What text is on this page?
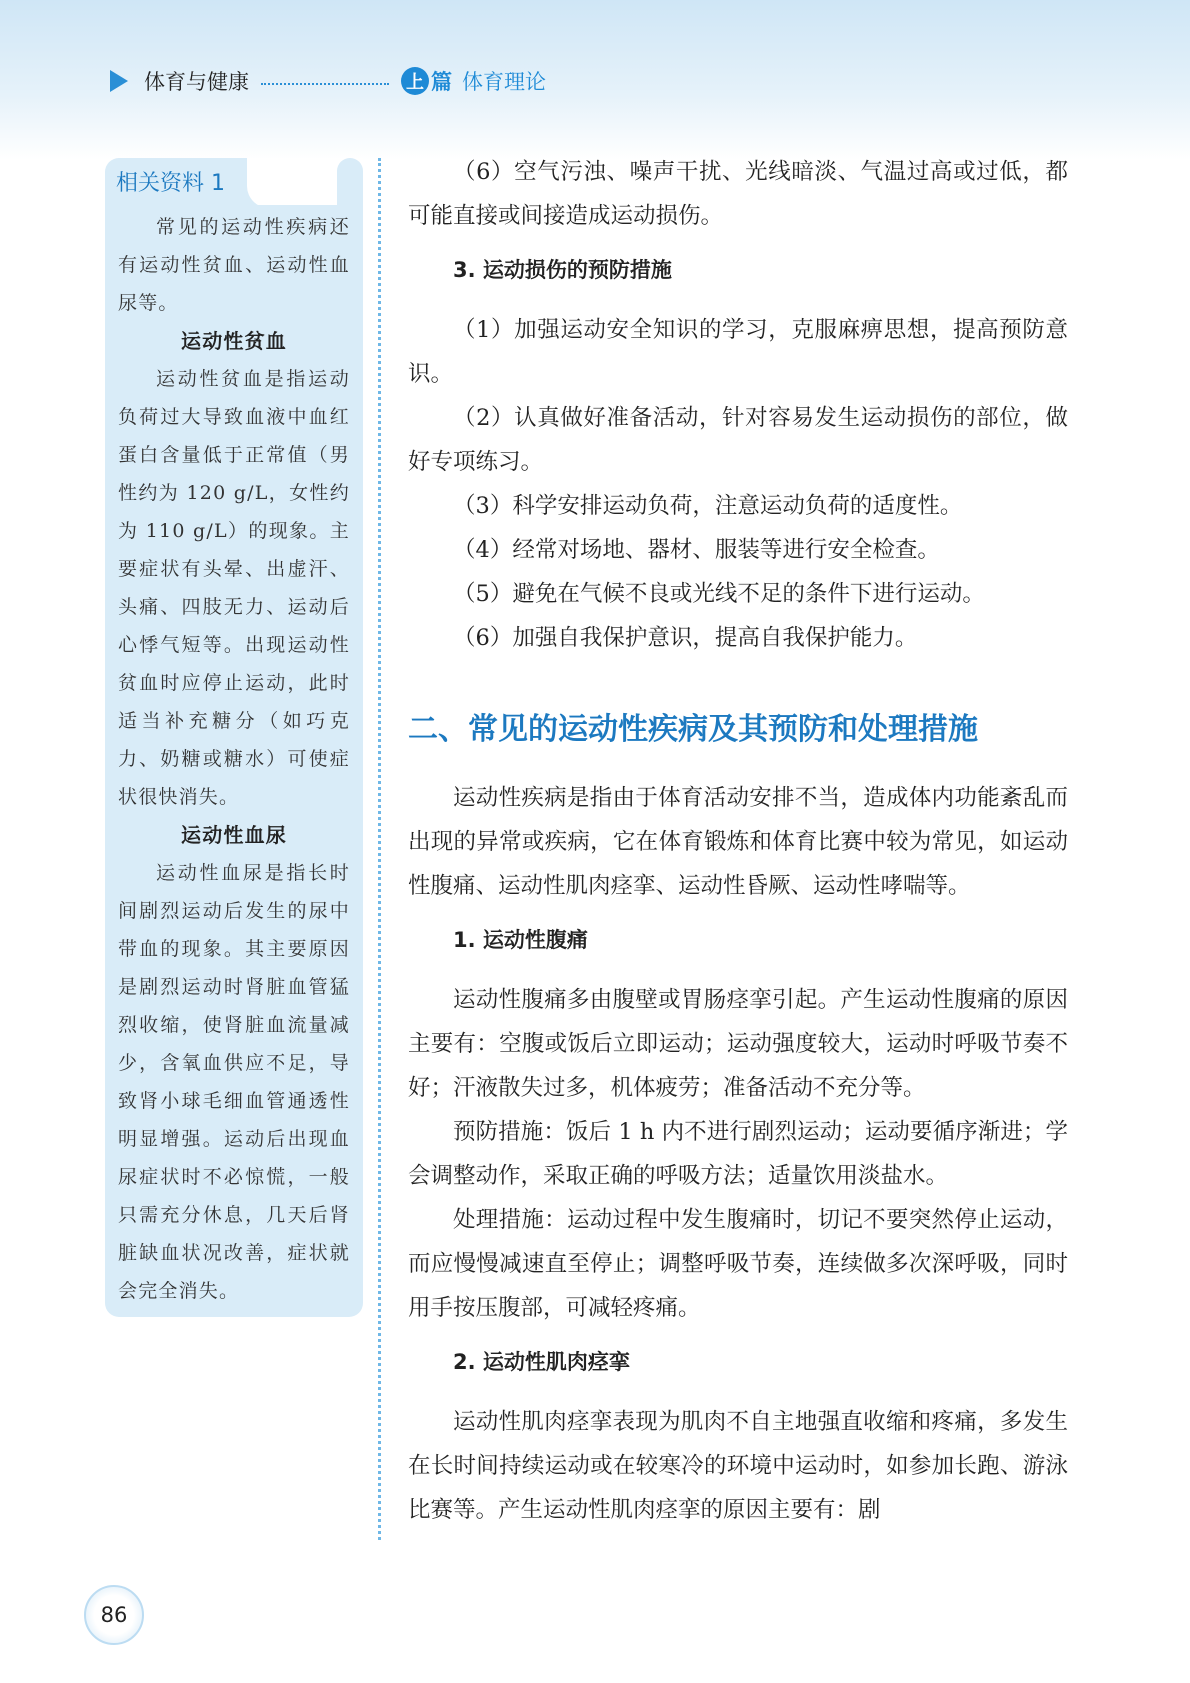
体育与健康	上 篇 体育理论
相关资料 1

常见的运动性疾病还有运动性贫血、运动性血尿等。

运动性贫血

运动性贫血是指运动负荷过大导致血液中血红蛋白含量低于正常值（男性约为 120 g/L，女性约为 110 g/L）的现象。主要症状有头晕、出虚汗、头痛、四肢无力、运动后心悸气短等。出现运动性贫血时应停止运动，此时适当补充糖分（如巧克力、奶糖或糖水）可使症状很快消失。

运动性血尿

运动性血尿是指长时间剧烈运动后发生的尿中带血的现象。其主要原因是剧烈运动时肾脏血管猛烈收缩，使肾脏血流量减少，含氧血供应不足，导致肾小球毛细血管通透性明显增强。运动后出现血尿症状时不必惊慌，一般只需充分休息，几天后肾脏缺血状况改善，症状就会完全消失。

（6）空气污浊、噪声干扰、光线暗淡、气温过高或过低，都可能直接或间接造成运动损伤。

3. 运动损伤的预防措施

（1）加强运动安全知识的学习，克服麻痹思想，提高预防意识。

（2）认真做好准备活动，针对容易发生运动损伤的部位，做好专项练习。

（3）科学安排运动负荷，注意运动负荷的适度性。

（4）经常对场地、器材、服装等进行安全检查。

（5）避免在气候不良或光线不足的条件下进行运动。

（6）加强自我保护意识，提高自我保护能力。

二、常见的运动性疾病及其预防和处理措施

运动性疾病是指由于体育活动安排不当，造成体内功能紊乱而出现的异常或疾病，它在体育锻炼和体育比赛中较为常见，如运动性腹痛、运动性肌肉痉挛、运动性昏厥、运动性哮喘等。

1. 运动性腹痛

运动性腹痛多由腹壁或胃肠痉挛引起。产生运动性腹痛的原因主要有：空腹或饭后立即运动；运动强度较大，运动时呼吸节奏不好；汗液散失过多，机体疲劳；准备活动不充分等。

预防措施：饭后 1 h 内不进行剧烈运动；运动要循序渐进；学会调整动作，采取正确的呼吸方法；适量饮用淡盐水。

处理措施：运动过程中发生腹痛时，切记不要突然停止运动，而应慢慢减速直至停止；调整呼吸节奏，连续做多次深呼吸，同时用手按压腹部，可减轻疼痛。

2. 运动性肌肉痉挛

运动性肌肉痉挛表现为肌肉不自主地强直收缩和疼痛，多发生在长时间持续运动或在较寒冷的环境中运动时，如参加长跑、游泳比赛等。产生运动性肌肉痉挛的原因主要有：剧

86
